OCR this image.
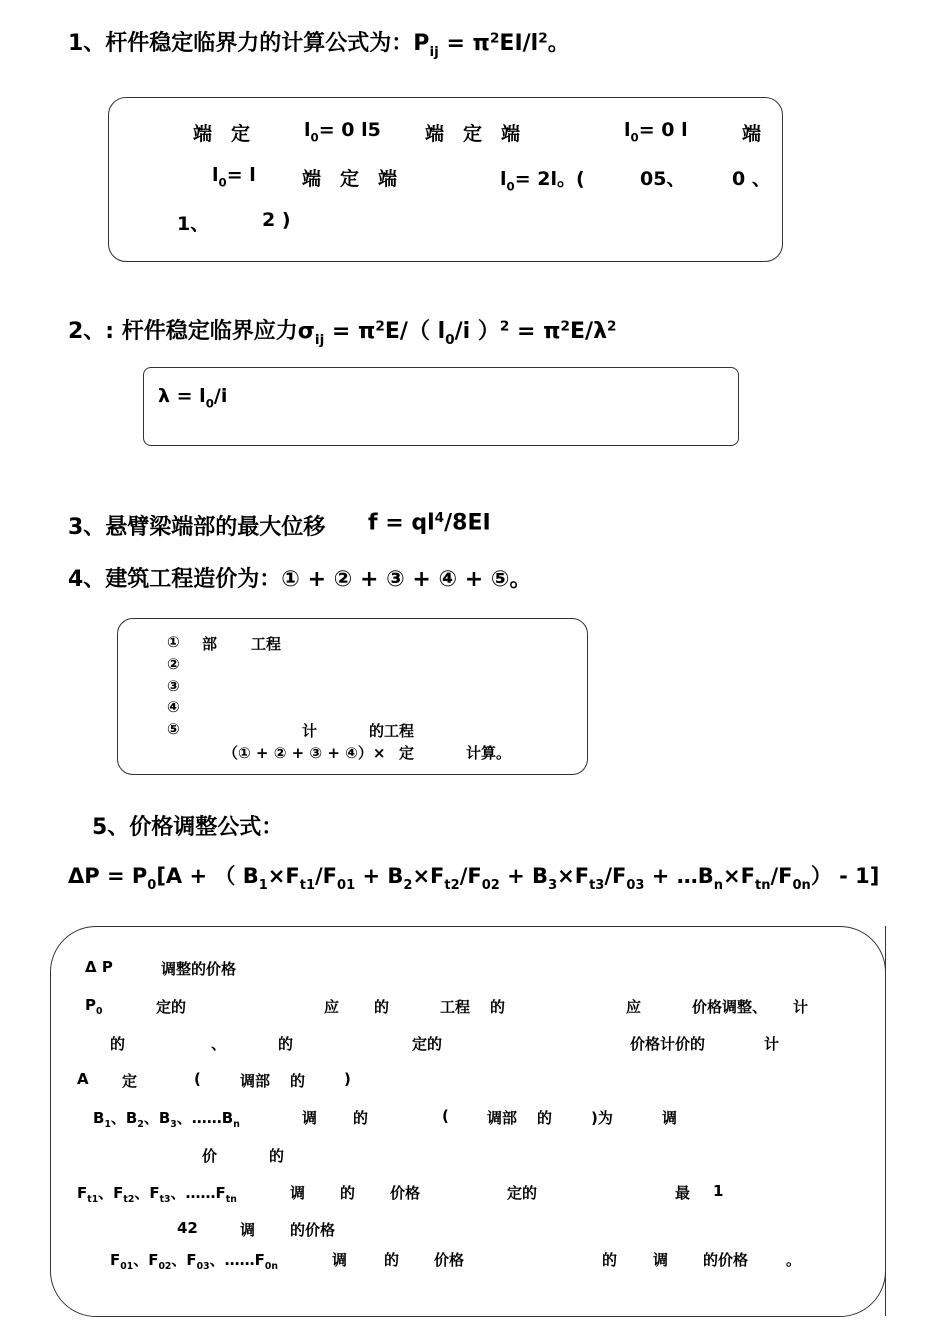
1、杆件稳定临界力的计算公式为：$P_{ij} = \pi^2EI/l^2$。
端　定	$l_0= 0$ l5 端　定　端	$l_0= 0$ l	端
$l_0= l$ 端　定　端	$l_0= 2l$。(	05、 0 、
1、	2 )
2、: 杆件稳定临界应力$\sigma_{ij} = \pi^2E/$（ $l_0/i$ ）$^2 = \pi^2E/\lambda^2$
$\lambda = l_0/i$
3、悬臂梁端部的最大位移 $f = ql^4/8EI$
4、建筑工程造价为：① + ② + ③ + ④ + ⑤。
① 部 工程
②
③
④
⑤	计	的工程
（① + ② + ③ + ④）× 定	计算。
5、价格调整公式：
$\Delta P = P_0[A$ + （ $B_1\times F_{t1}/F_{01} + B_2\times F_{t2}/F_{02} + B_3\times F_{t3}/F_{03}$ + $\dots B_n\times F_{tn}/F_{0n}) - 1$]
Δ P	调整的价格
$P_0$	定的	应 的	工程 的	应	价格调整、 计
的	、	的	定的	价格计价的	计
A 定	(	调部 的	)
$B_1$、$B_2$、$B_3$、$\dots\dots B_n$	调 的	(	调部 的	)为	调
价	的
$F_{t1}$、$F_{t2}$、$F_{t3}$、$\dots\dots F_{tn}$	调 的 价格	定的	最 1
42	调 的价格
$F_{01}$、$F_{02}$、$F_{03}$、$\dots\dots F_{0n}$	调 的 价格	的 调 的价格	。
